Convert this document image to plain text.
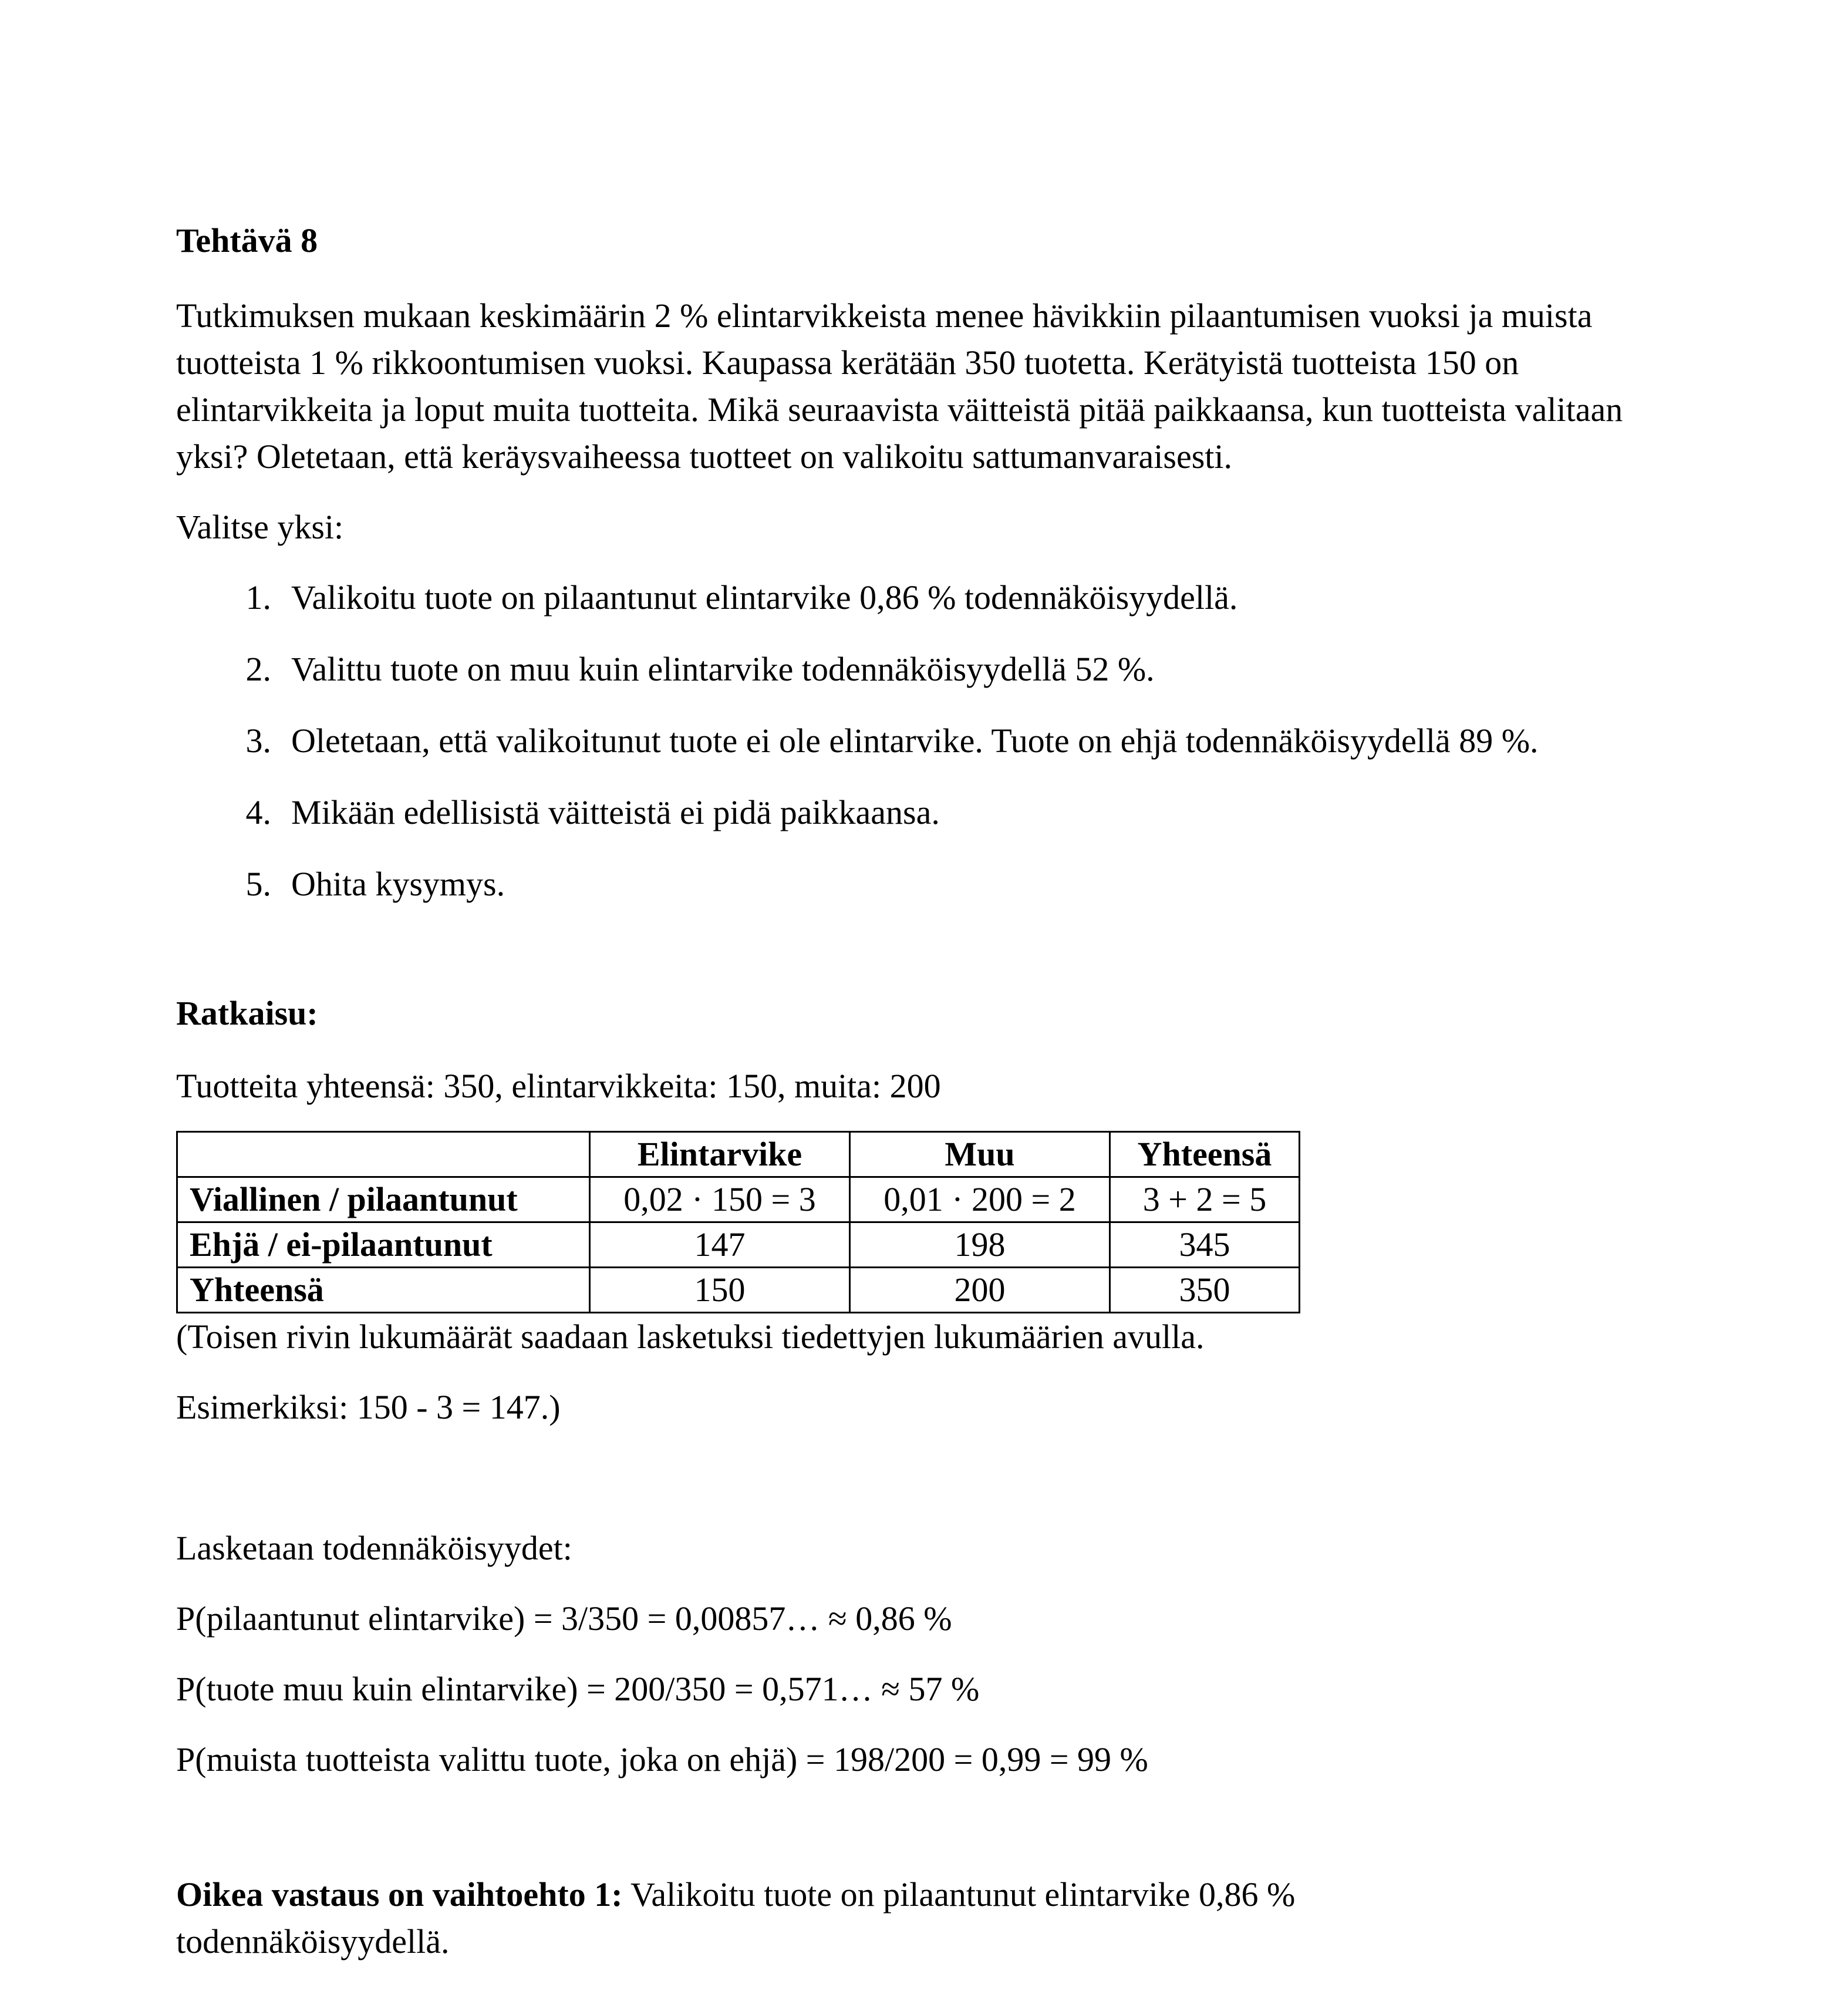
Tehtävä 8

Tutkimuksen mukaan keskimäärin 2 % elintarvikkeista menee hävikkiin pilaantumisen vuoksi ja muista tuotteista 1 % rikkoontumisen vuoksi. Kaupassa kerätään 350 tuotetta. Kerätyistä tuotteista 150 on elintarvikkeita ja loput muita tuotteita. Mikä seuraavista väitteistä pitää paikkaansa, kun tuotteista valitaan yksi? Oletetaan, että keräysvaiheessa tuotteet on valikoitu sattumanvaraisesti.

Valitse yksi:

1. Valikoitu tuote on pilaantunut elintarvike 0,86 % todennäköisyydellä.
2. Valittu tuote on muu kuin elintarvike todennäköisyydellä 52 %.
3. Oletetaan, että valikoitunut tuote ei ole elintarvike. Tuote on ehjä todennäköisyydellä 89 %.
4. Mikään edellisistä väitteistä ei pidä paikkaansa.
5. Ohita kysymys.
Ratkaisu:
Tuotteita yhteensä: 350, elintarvikkeita: 150, muita: 200
	Elintarvike	Muu	Yhteensä
Viallinen / pilaantunut	0,02 · 150 = 3	0,01 · 200 = 2	3 + 2 = 5
Ehjä / ei-pilaantunut	147	198	345
Yhteensä	150	200	350
(Toisen rivin lukumäärät saadaan lasketuksi tiedettyjen lukumäärien avulla.
Esimerkiksi: 150 - 3 = 147.)
Lasketaan todennäköisyydet:
P(pilaantunut elintarvike) = 3/350 = 0,00857… ≈ 0,86 %
P(tuote muu kuin elintarvike) = 200/350 = 0,571… ≈ 57 %
P(muista tuotteista valittu tuote, joka on ehjä) = 198/200 = 0,99 = 99 %
Oikea vastaus on vaihtoehto 1: Valikoitu tuote on pilaantunut elintarvike 0,86 % todennäköisyydellä.
